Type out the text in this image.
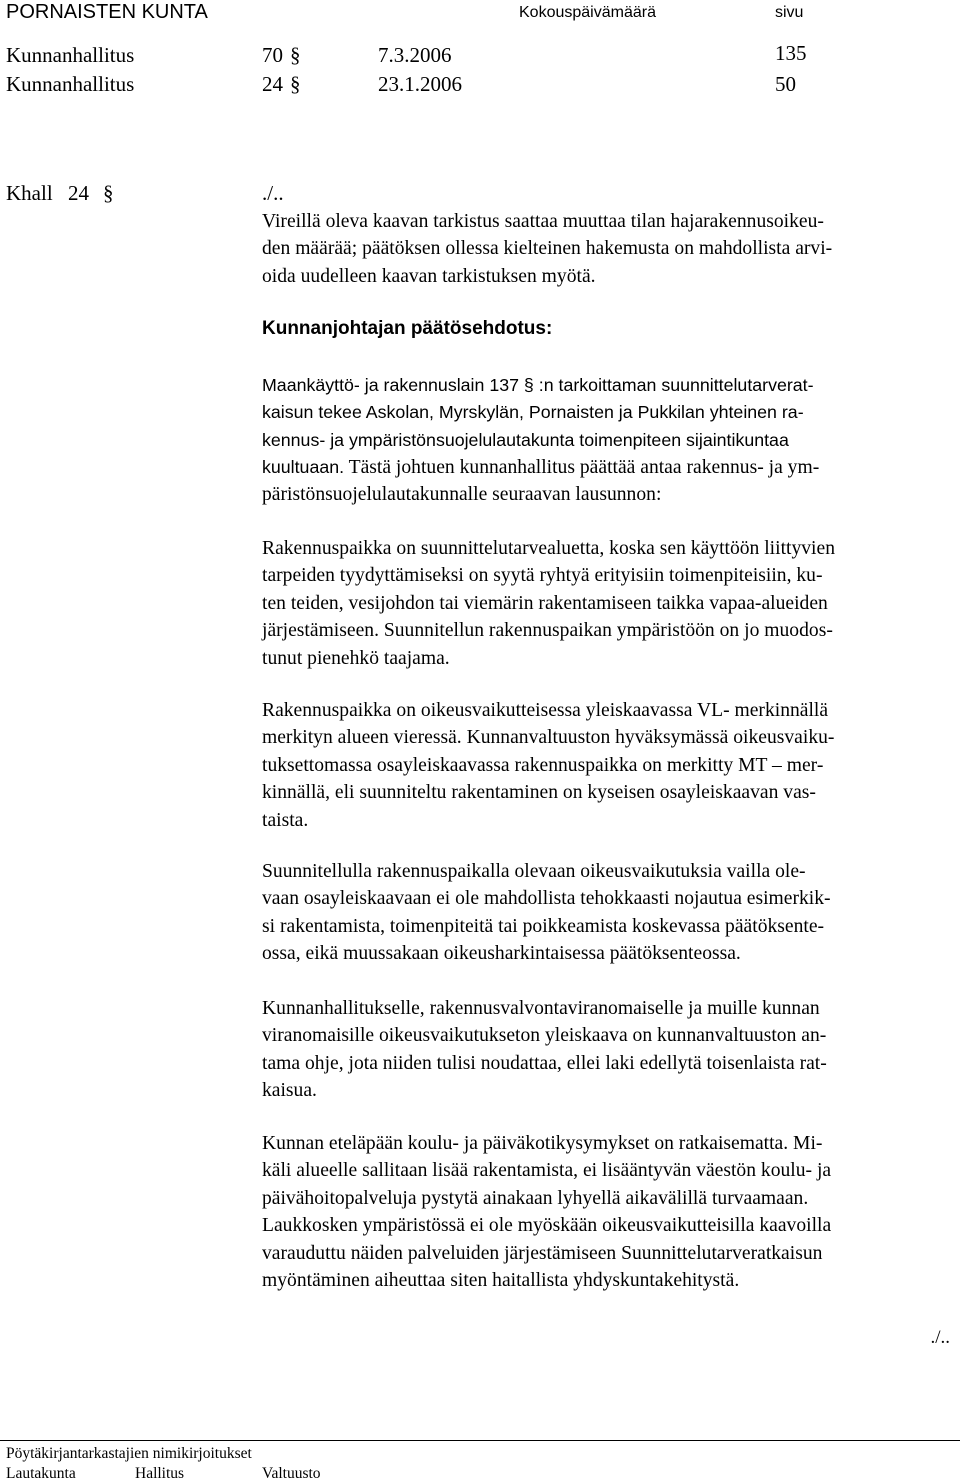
PORNAISTEN KUNTA	Kokouspäivämäärä	sivu
Kunnanhallitus	70 §	7.3.2006	135
Kunnanhallitus	24 §	23.1.2006	50
Khall 24 §	./..
Vireillä oleva kaavan tarkistus saattaa muuttaa tilan hajarakennusoikeu-
den määrää; päätöksen ollessa kielteinen hakemusta on mahdollista arvi-
oida uudelleen kaavan tarkistuksen myötä.
Kunnanjohtajan päätösehdotus:
Maankäyttö- ja rakennuslain 137 § :n tarkoittaman suunnittelutarverat-
kaisun tekee Askolan, Myrskylän, Pornaisten ja Pukkilan yhteinen ra-
kennus- ja ympäristönsuojelulautakunta toimenpiteen sijaintikuntaa
kuultuaan. Tästä johtuen kunnanhallitus päättää antaa rakennus- ja ym-
päristönsuojelulautakunnalle seuraavan lausunnon:
Rakennuspaikka on suunnittelutarvealuetta, koska sen käyttöön liittyvien
tarpeiden tyydyttämiseksi on syytä ryhtyä erityisiin toimenpiteisiin, ku-
ten teiden, vesijohdon tai viemärin rakentamiseen taikka vapaa-alueiden
järjestämiseen. Suunnitellun rakennuspaikan ympäristöön on jo muodos-
tunut pienehkö taajama.
Rakennuspaikka on oikeusvaikutteisessa yleiskaavassa VL- merkinnällä
merkityn alueen vieressä. Kunnanvaltuuston hyväksymässä oikeusvaiku-
tuksettomassa osayleiskaavassa rakennuspaikka on merkitty MT – mer-
kinnällä, eli suunniteltu rakentaminen on kyseisen osayleiskaavan vas-
taista.
Suunnitellulla rakennuspaikalla olevaan oikeusvaikutuksia vailla ole-
vaan osayleiskaavaan ei ole mahdollista tehokkaasti nojautua esimerkik-
si rakentamista, toimenpiteitä tai poikkeamista koskevassa päätöksente-
ossa, eikä muussakaan oikeusharkintaisessa päätöksenteossa.
Kunnanhallitukselle, rakennusvalvontaviranomaiselle ja muille kunnan
viranomaisille oikeusvaikutukseton yleiskaava on kunnanvaltuuston an-
tama ohje, jota niiden tulisi noudattaa, ellei laki edellytä toisenlaista rat-
kaisua.
Kunnan eteläpään koulu- ja päiväkotikysymykset on ratkaisematta. Mi-
käli alueelle sallitaan lisää rakentamista, ei lisääntyvän väestön koulu- ja
päivähoitopalveluja pystytä ainakaan lyhyellä aikavälillä turvaamaan.
Laukkosken ympäristössä ei ole myöskään oikeusvaikutteisilla kaavoilla
varauduttu näiden palveluiden järjestämiseen Suunnittelutarveratkaisun
myöntäminen aiheuttaa siten haitallista yhdyskuntakehitystä.
./..
Pöytäkirjantarkastajien nimikirjoitukset
Lautakunta	Hallitus	Valtuusto
